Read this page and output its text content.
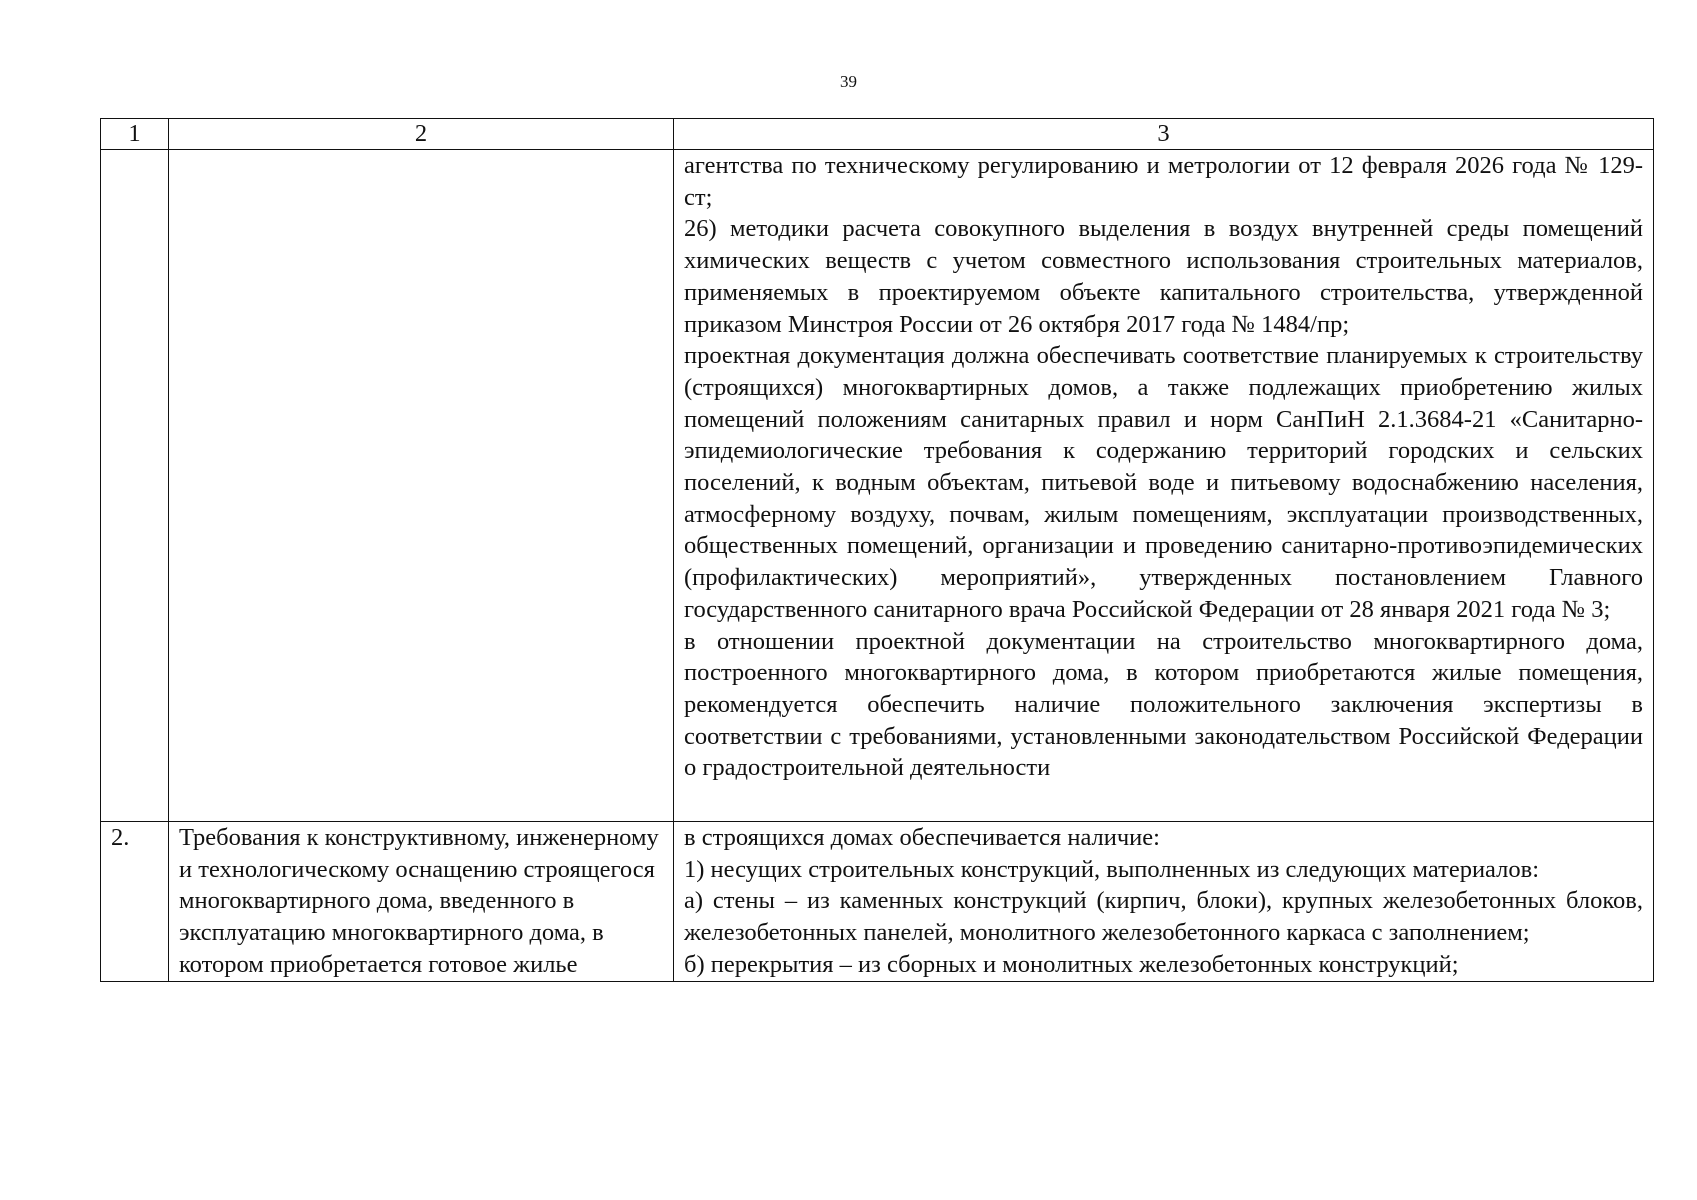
39
1	2	3

		агентства по техническому регулированию и метрологии от 12 февраля 2026 года № 129-ст;
26) методики расчета совокупного выделения в воздух внутренней среды помещений химических веществ с учетом совместного использования строительных материалов, применяемых в проектируемом объекте капитального строительства, утвержденной приказом Минстроя России от 26 октября 2017 года № 1484/пр;
проектная документация должна обеспечивать соответствие планируемых к строительству (строящихся) многоквартирных домов, а также подлежащих приобретению жилых помещений положениям санитарных правил и норм СанПиН 2.1.3684-21 «Санитарно-эпидемиологические требования к содержанию территорий городских и сельских поселений, к водным объектам, питьевой воде и питьевому водоснабжению населения, атмосферному воздуху, почвам, жилым помещениям, эксплуатации производственных, общественных помещений, организации и проведению санитарно-противоэпидемических (профилактических) мероприятий», утвержденных постановлением Главного государственного санитарного врача Российской Федерации от 28 января 2021 года № 3;
в отношении проектной документации на строительство многоквартирного дома, построенного многоквартирного дома, в котором приобретаются жилые помещения, рекомендуется обеспечить наличие положительного заключения экспертизы в соответствии с требованиями, установленными законодательством Российской Федерации о градостроительной деятельности

2.	Требования к конструктивному, инженерному и технологическому оснащению строящегося многоквартирного дома, введенного в эксплуатацию многоквартирного дома, в котором приобретается готовое жилье	в строящихся домах обеспечивается наличие:
1) несущих строительных конструкций, выполненных из следующих материалов:
а) стены – из каменных конструкций (кирпич, блоки), крупных железобетонных блоков, железобетонных панелей, монолитного железобетонного каркаса с заполнением;
б) перекрытия – из сборных и монолитных железобетонных конструкций;
